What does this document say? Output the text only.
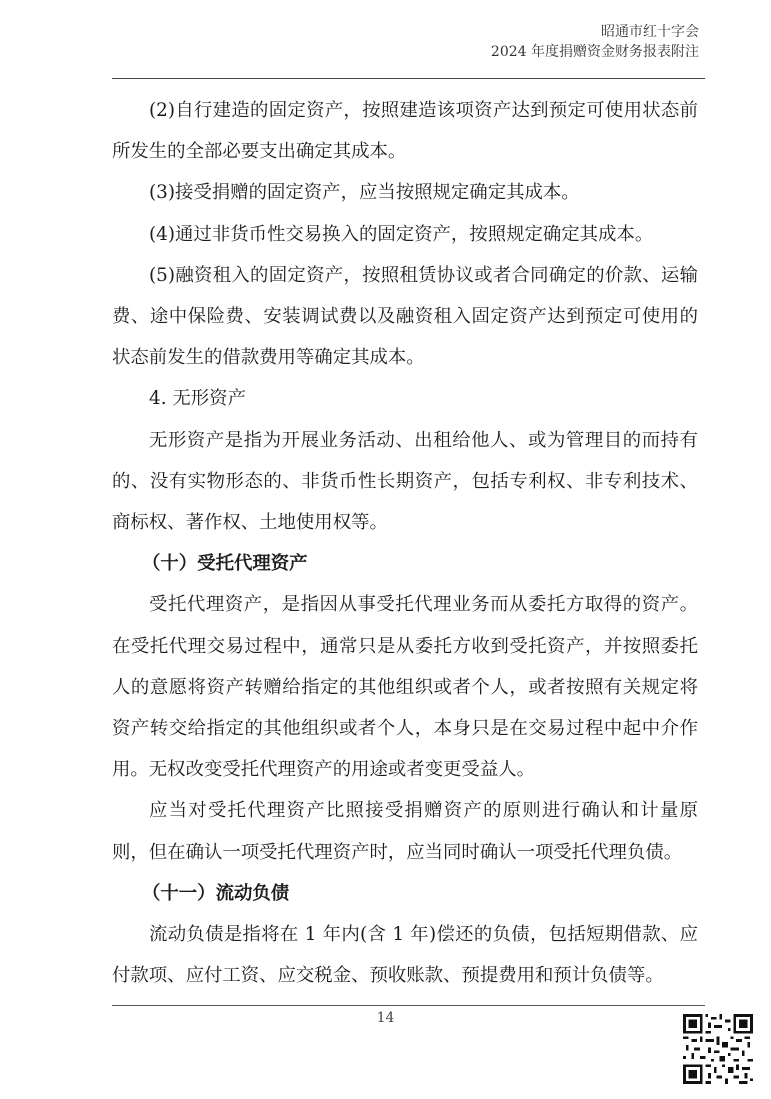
昭通市红十字会
2024 年度捐赠资金财务报表附注

(2)自行建造的固定资产，按照建造该项资产达到预定可使用状态前所发生的全部必要支出确定其成本。

(3)接受捐赠的固定资产，应当按照规定确定其成本。

(4)通过非货币性交易换入的固定资产，按照规定确定其成本。

(5)融资租入的固定资产，按照租赁协议或者合同确定的价款、运输费、途中保险费、安装调试费以及融资租入固定资产达到预定可使用的状态前发生的借款费用等确定其成本。

4. 无形资产

无形资产是指为开展业务活动、出租给他人、或为管理目的而持有的、没有实物形态的、非货币性长期资产，包括专利权、非专利技术、商标权、著作权、土地使用权等。

（十）受托代理资产

受托代理资产，是指因从事受托代理业务而从委托方取得的资产。在受托代理交易过程中，通常只是从委托方收到受托资产，并按照委托人的意愿将资产转赠给指定的其他组织或者个人，或者按照有关规定将资产转交给指定的其他组织或者个人，本身只是在交易过程中起中介作用。无权改变受托代理资产的用途或者变更受益人。

应当对受托代理资产比照接受捐赠资产的原则进行确认和计量原则，但在确认一项受托代理资产时，应当同时确认一项受托代理负债。

（十一）流动负债

流动负债是指将在 1 年内(含 1 年)偿还的负债，包括短期借款、应付款项、应付工资、应交税金、预收账款、预提费用和预计负债等。

14
